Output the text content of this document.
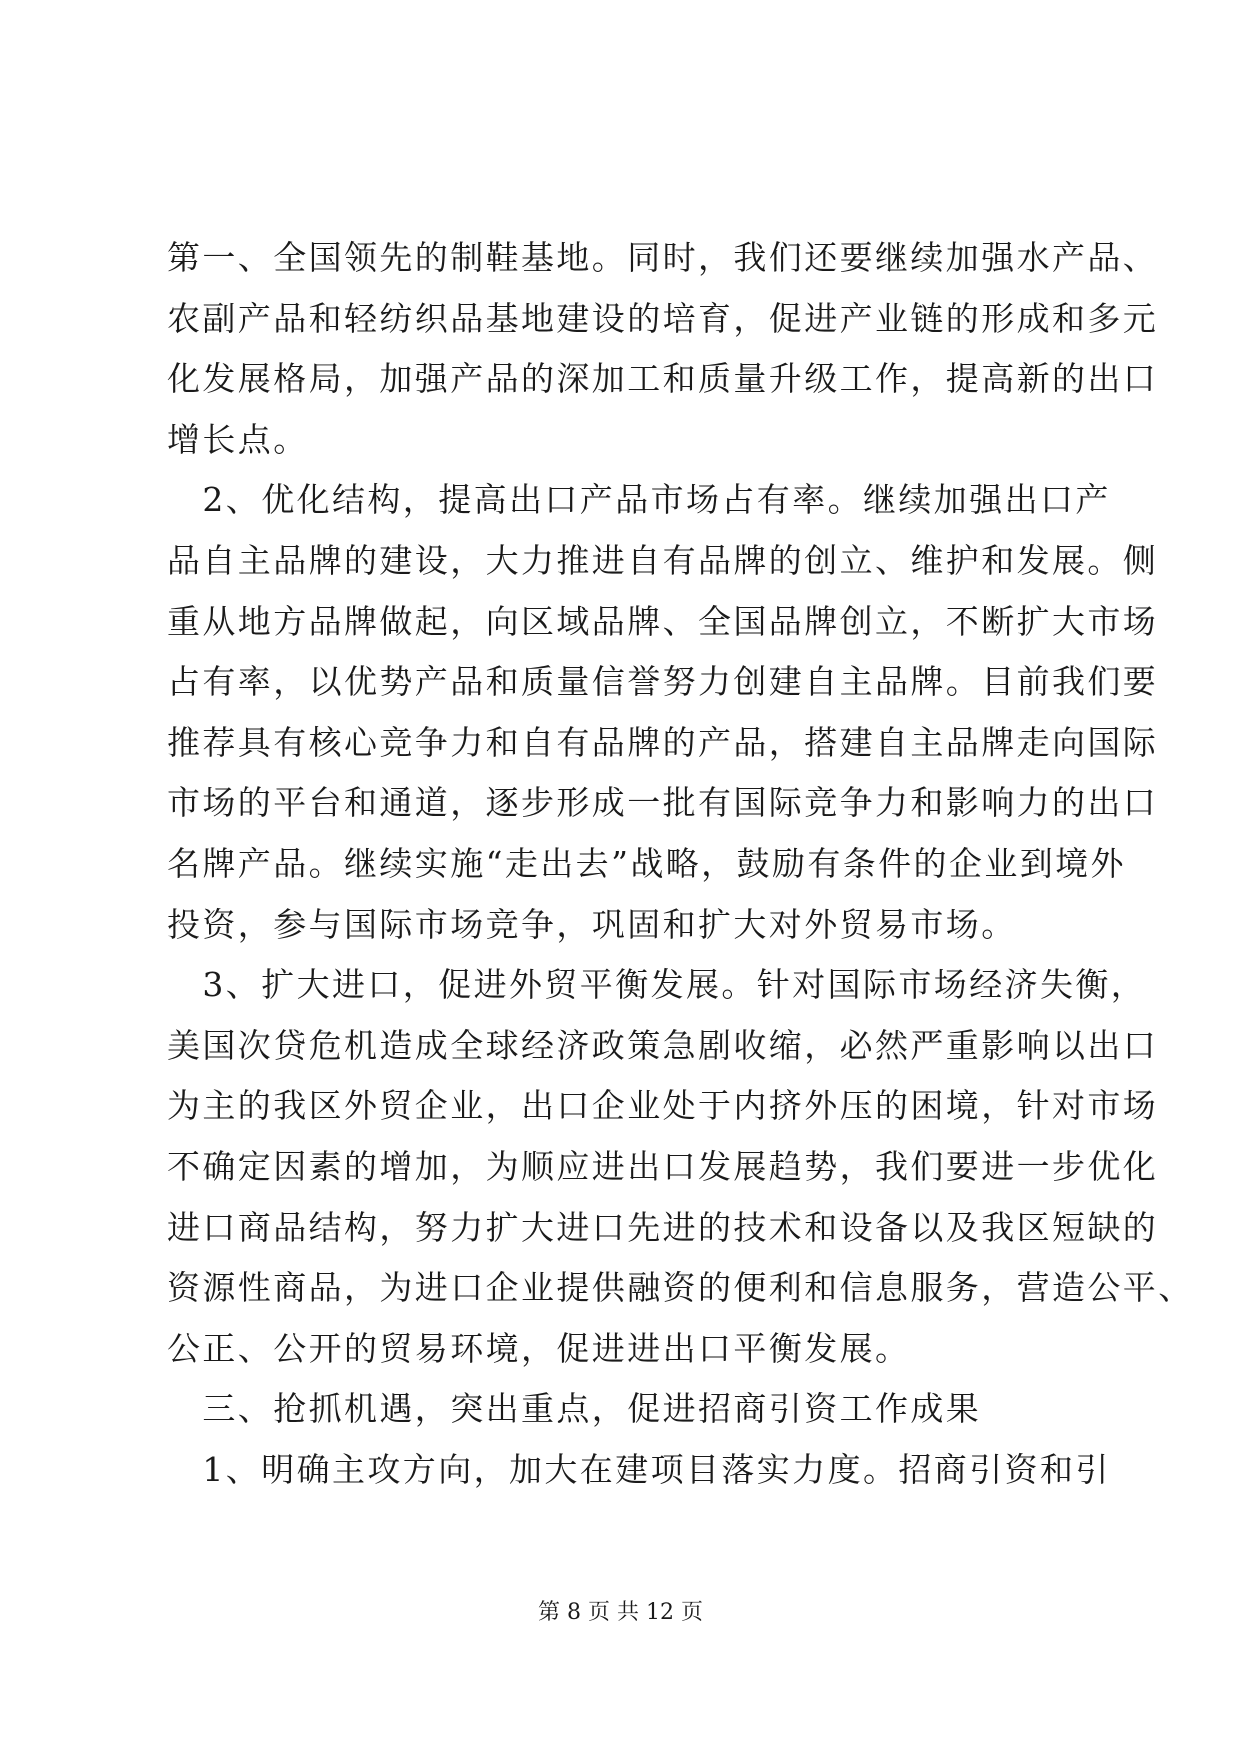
第一、全国领先的制鞋基地。同时，我们还要继续加强水产品、
农副产品和轻纺织品基地建设的培育，促进产业链的形成和多元
化发展格局，加强产品的深加工和质量升级工作，提高新的出口
增长点。
　2、优化结构，提高出口产品市场占有率。继续加强出口产
品自主品牌的建设，大力推进自有品牌的创立、维护和发展。侧
重从地方品牌做起，向区域品牌、全国品牌创立，不断扩大市场
占有率，以优势产品和质量信誉努力创建自主品牌。目前我们要
推荐具有核心竞争力和自有品牌的产品，搭建自主品牌走向国际
市场的平台和通道，逐步形成一批有国际竞争力和影响力的出口
名牌产品。继续实施“走出去”战略，鼓励有条件的企业到境外
投资，参与国际市场竞争，巩固和扩大对外贸易市场。
　3、扩大进口，促进外贸平衡发展。针对国际市场经济失衡，
美国次贷危机造成全球经济政策急剧收缩，必然严重影响以出口
为主的我区外贸企业，出口企业处于内挤外压的困境，针对市场
不确定因素的增加，为顺应进出口发展趋势，我们要进一步优化
进口商品结构，努力扩大进口先进的技术和设备以及我区短缺的
资源性商品，为进口企业提供融资的便利和信息服务，营造公平、
公正、公开的贸易环境，促进进出口平衡发展。
　三、抢抓机遇，突出重点，促进招商引资工作成果
　1、明确主攻方向，加大在建项目落实力度。招商引资和引
第 8 页 共 12 页
